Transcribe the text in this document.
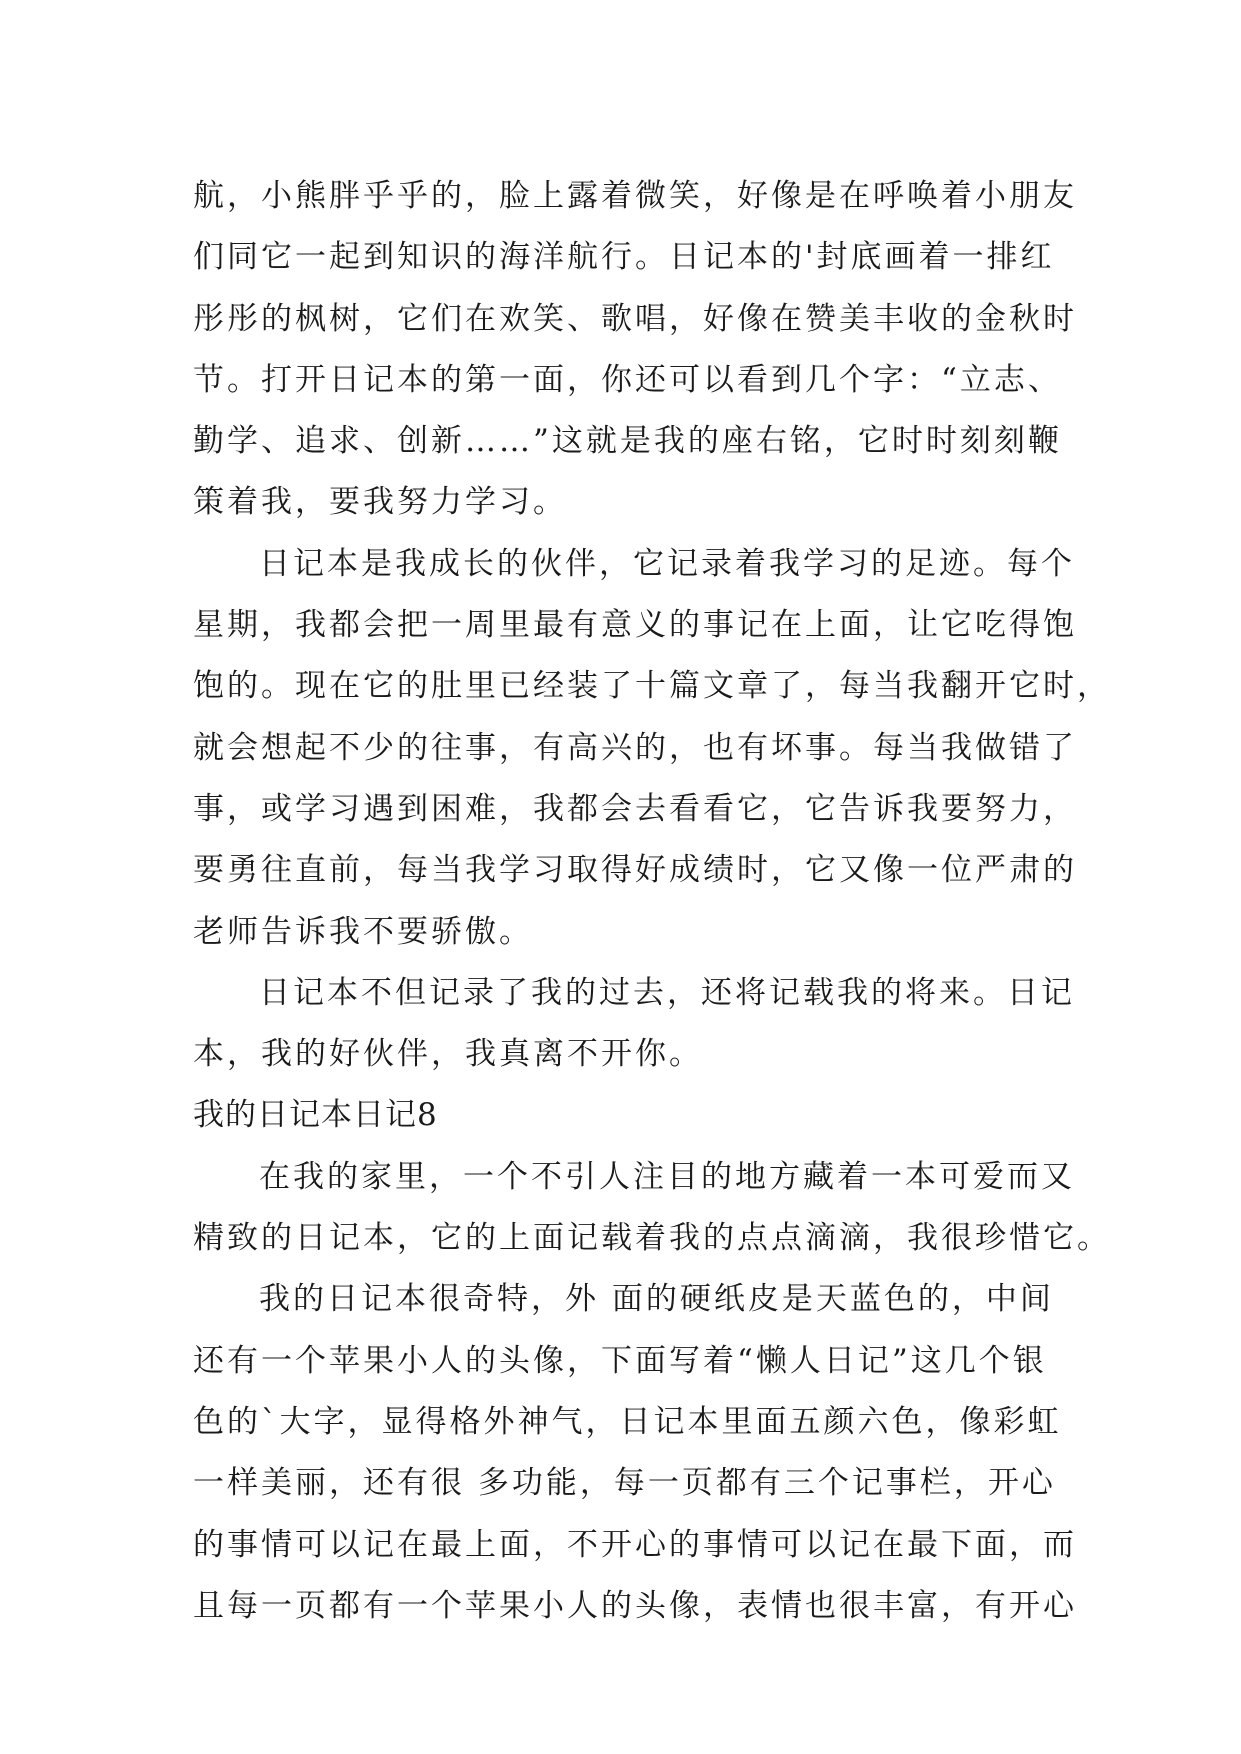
航，小熊胖乎乎的，脸上露着微笑，好像是在呼唤着小朋友
们同它一起到知识的海洋航行。日记本的'封底画着一排红
彤彤的枫树，它们在欢笑、歌唱，好像在赞美丰收的金秋时
节。打开日记本的第一面，你还可以看到几个字：“立志、
勤学、追求、创新……”这就是我的座右铭，它时时刻刻鞭
策着我，要我努力学习。
日记本是我成长的伙伴，它记录着我学习的足迹。每个
星期，我都会把一周里最有意义的事记在上面，让它吃得饱
饱的。现在它的肚里已经装了十篇文章了，每当我翻开它时，
就会想起不少的往事，有高兴的，也有坏事。每当我做错了
事，或学习遇到困难，我都会去看看它，它告诉我要努力，
要勇往直前，每当我学习取得好成绩时，它又像一位严肃的
老师告诉我不要骄傲。
日记本不但记录了我的过去，还将记载我的将来。日记
本，我的好伙伴，我真离不开你。
我的日记本日记8
在我的家里，一个不引人注目的地方藏着一本可爱而又
精致的日记本，它的上面记载着我的点点滴滴，我很珍惜它。
我的日记本很奇特，外 面的硬纸皮是天蓝色的，中间
还有一个苹果小人的头像，下面写着“懒人日记”这几个银
色的`大字，显得格外神气，日记本里面五颜六色，像彩虹
一样美丽，还有很 多功能，每一页都有三个记事栏，开心
的事情可以记在最上面，不开心的事情可以记在最下面，而
且每一页都有一个苹果小人的头像，表情也很丰富，有开心
